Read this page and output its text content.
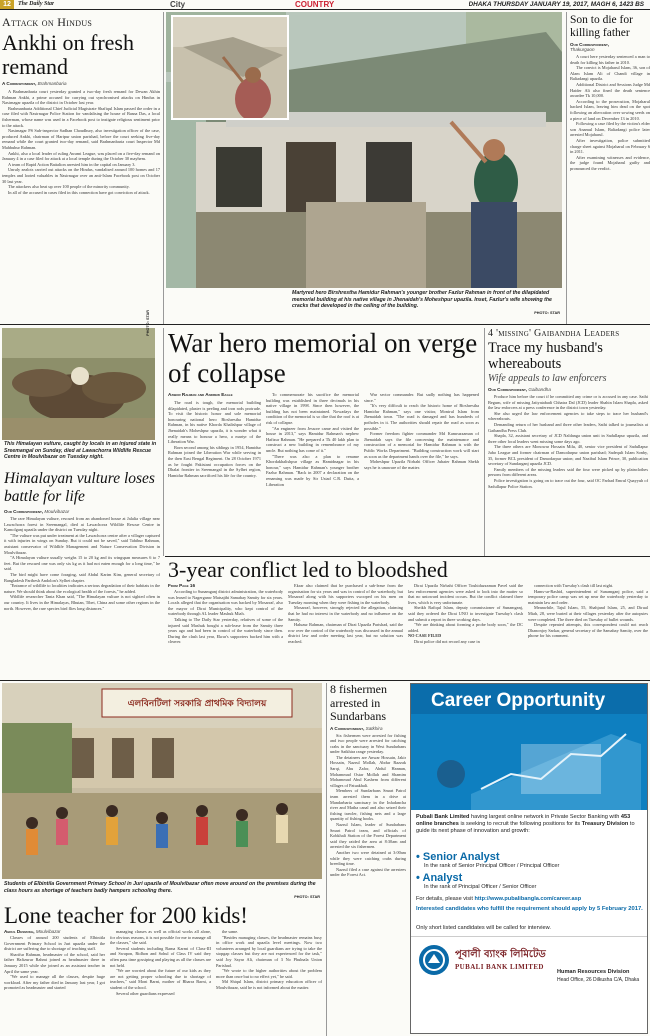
12	The Daily Star	City	COUNTRY	DHAKA THURSDAY JANUARY 19, 2017, MAGH 6, 1423 BS
Attack on Hindus
Ankhi on fresh remand
A Correspondent, Brahmanbaria

A Brahmanbaria court yesterday granted a two-day fresh remand for Dewan Akhin Rahman Ankhi, a prime accused for carrying out synchronised attacks on Hindus in Nasirnagar upazila of the district in October last year.

Brahmanbaria Additional Chief Judicial Magistrate Shafiqul Islam passed the order in a case filed with Nasirnagar Police Station for vandalising the house of Basna Das, a local fisherman, whose name was used in a Facebook post to instigate religious sentiment prior to the attack.

Nasirnagar PS Sub-inspector Sadhan Choudhury, also investigation officer of the case, produced Ankhi, chairman of Haripur union parishad, before the court seeking five-day remand while the court granted two-day remand, said Brahmanbaria court Inspector Md Mahbubur Rahman.

Ankhi, also a local leader of ruling Awami League, was placed on a five-day remand on January 4 in a case filed for attack at a local temple during the October 30 mayhem.

A team of Rapid Action Battalion arrested him in the capital on January 3.

Unruly zealots carried out attacks on the Hindus, vandalised around 100 homes and 17 temples and looted valuables in Nasirnagar over an anti-Islam Facebook post on October 30 last year.

The attackers also beat up over 100 people of the minority community.

In all of the accused in cases filed in this connection have got conviction of attack.

Martyred hero Birshrestha Hamidur Rahman's younger brother Fazlur Rahman in front of the dilapidated memorial building at his native village in Jhenaidah's Moheshpur upazila. Inset, Fazlur's wife showing the cracks that developed in the ceiling of the building.
PHOTO: STAR
Son to die for killing father
Our Correspondent,
Thakurgaon

A court here yesterday sentenced a man to death for killing his father in 2010.

The convict is Mojaharul Islam, 36, son of Alam Islam Ali of Chandi village in Baliadangi upazila.

Additional District and Sessions Judge Md Haider Ali also fined the death sentence awardee Tk 10,000.

According to the prosecution, Mojaharul hacked Islam, leaving him dead on the spot following an altercation over sowing seeds on a piece of land on December 13 in 2010.

Following a case filed by the victim's elder son Anamul Islam, Baliadangi police later arrested Mojaharul.

After investigation, police submitted charge sheet against Mojaharul on February 6 in 2011.

After examining witnesses and evidence, the judge found Mojaharul guilty and pronounced the verdict.

PHOTO: STAR
This Himalayan vulture, caught by locals in an injured state in Sreemangal on Sunday, died at Lawachorra Wildlife Rescue Centre in Moulvibazar on Tuesday night.
Himalayan vulture loses battle for life
Our Correspondent, Moulvibazar

The rare Himalayan vulture, rescued from an abandoned house at Jalalia village near Lawachorra forest in Sreemangal, died at Lawachorra Wildlife Rescue Centre in Kamolganj upazila under the district on Tuesday night.

"The vulture was put under treatment at the Lawachorra centre after a villager captured it with injuries in wings on Sunday. But it could not be saved," said Tabibur Rahman, assistant conservator of Wildlife Management and Nature Conservation Division in Moulvibazar.

"A Himalayan vulture usually weighs 15 to 20 kg and its wingspan measures 6 to 7 feet. But the rescued one was only six kg as it had not eaten enough for a long time," he said.

The bird might have come foraging, said Abdul Karim Kim, general secretary of Bangladesh Paribesh Andolon's Sylhet chapter.

"Entrance of wildlife to localities indicates a serious degradation of their habitats in the nature. We should think about the ecological health of the forests," he added.

Wildlife researcher Tania Khan said, "The Himalayan vulture is not sighted often in our country. It lives in the Himalayas, Bhutan, Tibet, China and some other regions in the north. However, the rare species bird flies long distances."

War hero memorial on verge of collapse
Azibor Rahman and Andrew Eagle

The road is tough, the memorial building dilapidated, plaster is peeling and iron rods protrude. To visit the historic honor and sole memorial honouring national hero Birshrestha Hamidur Rahman, in his native Khorda Khalishpur village of Jhenaidah's Moheshpur upazila, it is wonder what it really means to honour a hero, a martyr of the Liberation War.

Born second among his siblings in 1954, Hamidur Rahman joined the Liberation War while serving in the then East Bengal Regiment. On 28 October 1971 as he fought Pakistani occupation forces on the Dhalai frontier in Sreemangal in the Sylhet region, Hamidur Rahman sacrificed his life for the country.

To commemorate his sacrifice the memorial building was established in three decimals in his native village in 1998. Since then however, the building has not been maintained. Nowadays the condition of the memorial is so dire that the roof is at risk of collapse.

"An engineer from Jessore came and visited the house in 2013," says Hamidur Rahman's nephew Hafizur Rahman. "He prepared a Tk 40 lakh plan to construct a new building in remembrance of my uncle. But nothing has come of it."

"There was also a plan to rename Khordakhalishpur village as Hamidnagar in his honour," says Hamidur Rahman's younger brother Fazlur Rahman. "Back in 2007 a declaration on the renaming was made by Sir Ustad C.R. Dutta, a Liberation

War sector commander. But sadly nothing has happened since."

"It's very difficult to reach the historic home of Birshrestha Hamidur Rahman," says one visitor, Monirul Islam from Jhenaidah town. "The road is damaged and has hundreds of potholes in it. The authorities should repair the road as soon as possible."

Former freedom fighter commander Md Kamruzzaman of Jhenaidah says the file concerning the maintenance and construction of a memorial for Hamidur Rahman is with the Public Works Department. "Building construction work will start as soon as the department hands over the file," he says.

Moheshpur Upazila Nirbahi Officer Jubaier Rahman Shekh says he is unaware of the matter.

4 'missing' Gaibandha Leaders
Trace my husband's whereabouts
Wife appeals to law enforcers
Our Correspondent, Gaibandha

Produce him before the court if he committed any crime or is accused in any case. Sathi Begum, wife of missing Jatiyatabadi Chhatra Dal (JCD) leader Shahin Islam Shapla, asked the law enforcers at a press conference in the district town yesterday.

She also urged the law enforcement agencies to take steps to trace her husband's whereabouts.

Demanding return of her husband and three other leaders, Sathi talked to journalists at Gaibandha Press Club.

Shapla, 32, assistant secretary of JCD Naldanga union unit in Sadullapur upazila, and three other local leaders went missing some days ago.

The three others are Monowar Hossain Milu, 40, senior vice president of Sadullapur Jubo League and former chairman of Damodarpur union parishad; Sadeqult Islam Sonby, 35, former BCL president of Damodarpur union; and Nazibul Islam Prince, 30, publication secretary of Sundarganj upazila JCD.

Family members of the missing leaders said the four were picked up by plainclothes persons from different areas.

Police investigation is going on to trace out the four, said OC Farhad Emrul Quayyuh of Sadullapur Police Station.

3-year conflict led to bloodshed
From Page 16

According to Sunamganj district administration, the waterbody was leased to Nagerganw Matsajibi Samabay Samity for six years. Locals alleged that the organisation was backed by Mosarraf, also the mayor of Dirai Municipality, who kept control of the waterbody through AL leader Mashuk Miah.

Talking to The Daily Star yesterday, relatives of some of the injured said Mashuk bought a sub-lease from the Samity three years ago and had been in control of the waterbody since then. During the clash last year, Ekrar's supporters backed him with a cleaver.

Ekrar also claimed that he purchased a sub-lease from the organisation for six years and was in control of the waterbody, but Mosarraf along with his supporters swooped on his men on Tuesday morning when they were fishing in the waterbody.

Mosarraf, however, strongly rejected the allegation, claiming that he had no interest in the waterbody and no influence on the Samity.

Haluzur Rahman, chairman of Dirai Upazila Parishad, said the row over the control of the waterbody was discussed in the annual district law and order meeting last year, but no solution was reached.

Dirai Upazila Nirbahi Officer Touhiduzzaman Pavel said the law enforcement agencies were asked to look into the matter so that no untoward incident occurs. But the conflict claimed three lives, which is very unfortunate.

Sheikh Rafiqul Islam, deputy commissioner of Sunamganj, said they ordered the Dirai UNO to investigate Tuesday's clash and submit a report in three working days.

"We are thinking about forming a probe body soon," the DC added.

NO CASE FILED

Dirai police did not record any case in

connection with Tuesday's clash till last night.

Hams-ur-Rashid, superintendent of Sunamganj police, said a temporary police camp was set up near the waterbody yesterday to maintain law and order.

Meanwhile, Tajul Islam, 55, Shahjand Islam, 25, and Dirual Miah, 28, were buried at their villages yesterday after the autopsies were completed. The three died on Tuesday of bullet wounds.

Despite repeated attempts, this correspondent could not reach Dhanonjoy Sarkar, general secretary of the Samabay Samity, over the phone for his comment.

এলবিনটিলা সরকারি প্রাথমিক বিদ্যালয়
Students of Elbintila Government Primary School in Juri upazila of Moulvibazar often move around on the premises during the class hours as shortage of teachers badly hampers schooling there.
PHOTO: STAR
Lone teacher for 200 kids!
Abdul Desmukh, Moulvibazar

Classes of around 200 students of Elbinitla Government Primary School in Juri upazila under the district are suffering due to shortage of teaching staff.

Sharifur Rahman, headmaster of the school, said her father Hafizurur Rahmi joined as headmaster there in January 2015 while she joined as an assistant teacher in April the same year.

"We used to manage all the classes, despite huge workload. After my father died in January last year, I got promoted as headmaster and started

managing classes as well as official works all alone, for obvious reasons, it is not possible for me to manage all the classes," she said.

Several students including Rama Karmi of Class-III and Swapon, Ridhon and Sohul of Class IV said they often pass time gossiping and playing as all the classes are not held.

"We are worried about the future of our kids as they are not getting proper schooling due to shortage of teachers," said Moni Barni, mother of Bharra Barni, a student of the school.

Several other guardians expressed

the same.

"Besides managing classes, the headmaster remains busy in office work and upazila level meetings. Now two volunteers arranged by local guardians are trying to take the stopgap classes but they are not experienced for the task," said Joy Sayar Ali, chairman of 3 No Phulnala Union Parishad.

"We wrote to the higher authorities about the problem more than once but to no effect yet," he said.

Md Shiqul Islam, district primary education officer of Moulvibazar, said he is not informed about the matter.

8 fishermen arrested in Sundarbans
A Correspondent, Satkhira

Six fishermen were arrested for fishing and two people were arrested for catching crabs in the sanctuary in West Sundarbans under Satkhira range yesterday.

The detainees are Anwar Hossain, Jakir Hossain, Nazrul Mollah, Abdur Razzak Sarqi, Abu Zafor, Abdul Hannan, Mohammad Ostar Mollah and Shamim Mohammad Abul Kashem from different villages of Patuakhali.

Members of Sundarbans Smart Patrol team arrested them in a drive at Mandarbaria sanctuary in the Infadancha river and Matha canal and also seized their fishing trawler, fishing nets and a large quantity of fishing hooks.

Nazrul Islam, leader of Sundarbans Smart Patrol team, and officials of Kobkhali Station of the Forest Department said they raided the area at 8:30am and arrested the six fishermen.

Another two were detained at 3:00am while they were catching crabs during breeding time.

Nazrul filed a case against the arrestees under the Forest Act.

Career Opportunity
Pubali Bank Limited having largest online network in Private Sector Banking with 453 online branches is seeking to recruit the following positions for its Treasury Division to guide its next phase of innovation and growth:
• Senior Analyst
In the rank of Senior Principal Officer / Principal Officer
• Analyst
In the rank of Principal Officer / Senior Officer
For details, please visit http://www.pubalibangla.com/career.asp
Interested candidates who fulfill the requirement should apply by 5 February 2017.
Only short listed candidates will be called for interview.
পূবালী ব্যাংক লিমিটেড
PUBALI BANK LIMITED
Human Resources Division
Head Office, 26 Dilkusha C/A, Dhaka
